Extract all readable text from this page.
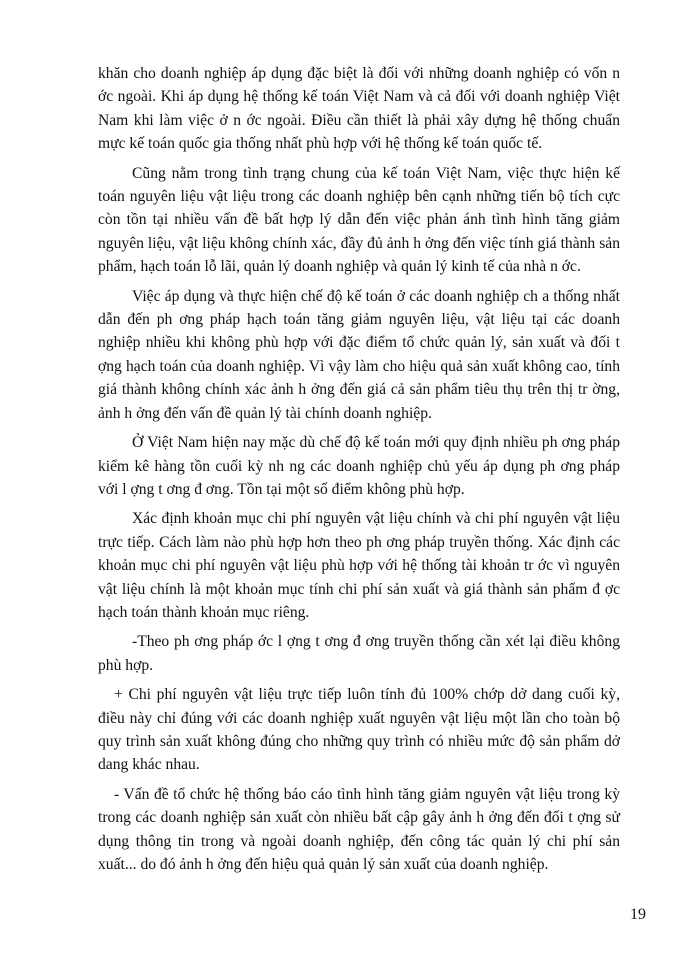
khăn cho doanh nghiệp áp dụng đặc biệt là đối với những doanh nghiệp có vốn n ớc ngoài. Khi áp dụng hệ thống kế toán Việt Nam và cả đối với doanh nghiệp Việt Nam khi làm việc ở n ớc ngoài. Điều cần thiết là phải xây dựng hệ thống chuẩn mực kế toán quốc gia thống nhất phù hợp với hệ thống kế toán quốc tế.

Cũng nằm trong tình trạng chung của kế toán Việt Nam, việc thực hiện kế toán nguyên liệu vật liệu trong các doanh nghiệp bên cạnh những tiến bộ tích cực còn tồn tại nhiều vấn đề bất hợp lý dẫn đến việc phản ánh tình hình tăng giảm nguyên liệu, vật liệu không chính xác, đầy đủ ảnh h ởng đến việc tính giá thành sản phẩm, hạch toán lỗ lãi, quản lý doanh nghiệp và quản lý kinh tế của nhà n ớc.

Việc áp dụng và thực hiện chế độ kế toán ở các doanh nghiệp ch a thống nhất dẫn đến ph ơng pháp hạch toán tăng giảm nguyên liệu, vật liệu tại các doanh nghiệp nhiều khi không phù hợp với đặc điểm tổ chức quản lý, sản xuất và đối t ợng hạch toán của doanh nghiệp. Vì vậy làm cho hiệu quả sản xuất không cao, tính giá thành không chính xác ảnh h ởng đến giá cả sản phẩm tiêu thụ trên thị tr ờng, ảnh h ởng đến vấn đề quản lý tài chính doanh nghiệp.

Ở Việt Nam hiện nay mặc dù chế độ kế toán mới quy định nhiều ph ơng pháp kiểm kê hàng tồn cuối kỳ nh ng các doanh nghiệp chủ yếu áp dụng ph ơng pháp với l ợng t ơng đ ơng. Tồn tại một số điểm không phù hợp.

Xác định khoản mục chi phí nguyên vật liệu chính và chi phí nguyên vật liệu trực tiếp. Cách làm nào phù hợp hơn theo ph ơng pháp truyền thống. Xác định các khoản mục chi phí nguyên vật liệu phù hợp với hệ thống tài khoản tr ớc vì nguyên vật liệu chính là một khoản mục tính chi phí sản xuất và giá thành sản phẩm đ ợc hạch toán thành khoản mục riêng.

-Theo ph ơng pháp ớc l ợng t ơng đ ơng truyền thống cần xét lại điều không phù hợp.

+ Chi phí nguyên vật liệu trực tiếp luôn tính đủ 100% chớp dở dang cuối kỳ, điều này chỉ đúng với các doanh nghiệp xuất nguyên vật liệu một lần cho toàn bộ quy trình sản xuất không đúng cho những quy trình có nhiều mức độ sản phẩm dở dang khác nhau.

- Vấn đề tổ chức hệ thống báo cáo tình hình tăng giảm nguyên vật liệu trong kỳ trong các doanh nghiệp sản xuất còn nhiều bất cập gây ảnh h ởng đến đối t ợng sử dụng thông tin trong và ngoài doanh nghiệp, đến công tác quản lý chi phí sản xuất... do đó ảnh h ởng đến hiệu quả quản lý sản xuất của doanh nghiệp.

19
